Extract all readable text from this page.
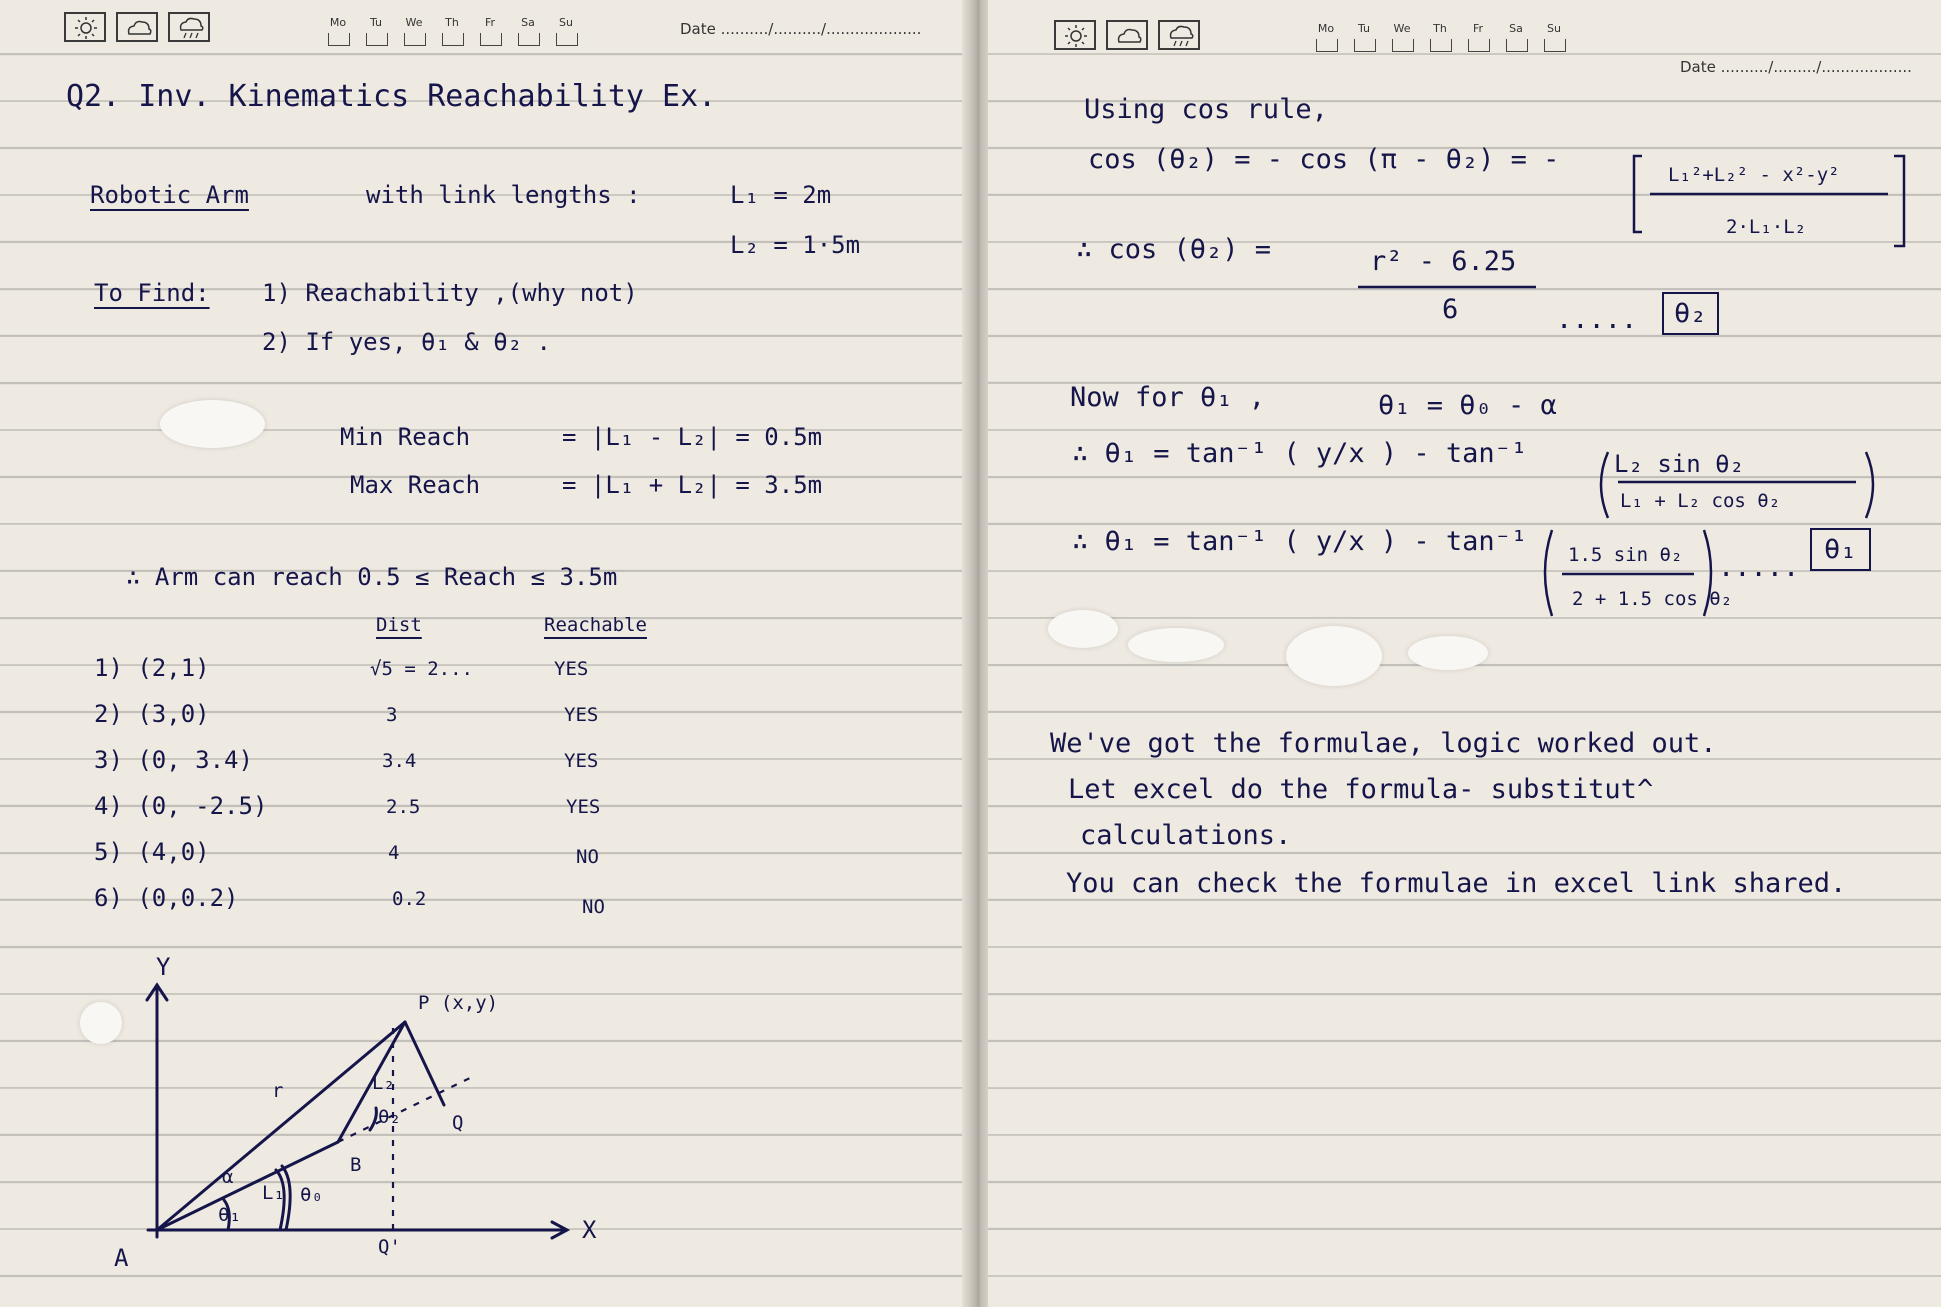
Mo	Tu	We	Th	Fr	Sa	Su	Date ........../........../....................
Q2. Inv. Kinematics Reachability Ex.
Robotic Arm	with link lengths :	L₁ = 2m
L₂ = 1·5m
To Find: 1) Reachability ,(why not)
2) If yes, θ₁ & θ₂ .
Min Reach	= |L₁ - L₂| = 0.5m
Max Reach	= |L₁ + L₂| = 3.5m
∴ Arm can reach 0.5 ≤ Reach ≤ 3.5m
Dist	Reachable
1) (2,1)	√5 = 2...	YES
2) (3,0)	3	YES
3) (0, 3.4)	3.4	YES
4) (0, -2.5)	2.5	YES
5) (4,0)	4	NO
6) (0,0.2)	0.2	NO
Y
X
A
P (x,y)
B
Q
Q'
r
L₁
L₂
θ₁
θ₀
θ₂
α
Mo	Tu	We	Th	Fr	Sa	Su
Date ........../........./...................
Using cos rule,
cos (θ₂) = - cos (π - θ₂) = -	L₁²+L₂² - x²-y²
2·L₁·L₂
∴ cos (θ₂) =	r² - 6.25
6	.....	θ₂
Now for θ₁ ,	θ₁ = θ₀ - α
∴ θ₁ = tan⁻¹ ( y/x ) - tan⁻¹	L₂ sin θ₂
L₁ + L₂ cos θ₂
∴ θ₁ = tan⁻¹ ( y/x ) - tan⁻¹ 1.5 sin θ₂
2 + 1.5 cos θ₂
.....
θ₁
We've got the formulae, logic worked out.
Let excel do the formula- substitut^
calculations.
You can check the formulae in excel link shared.
